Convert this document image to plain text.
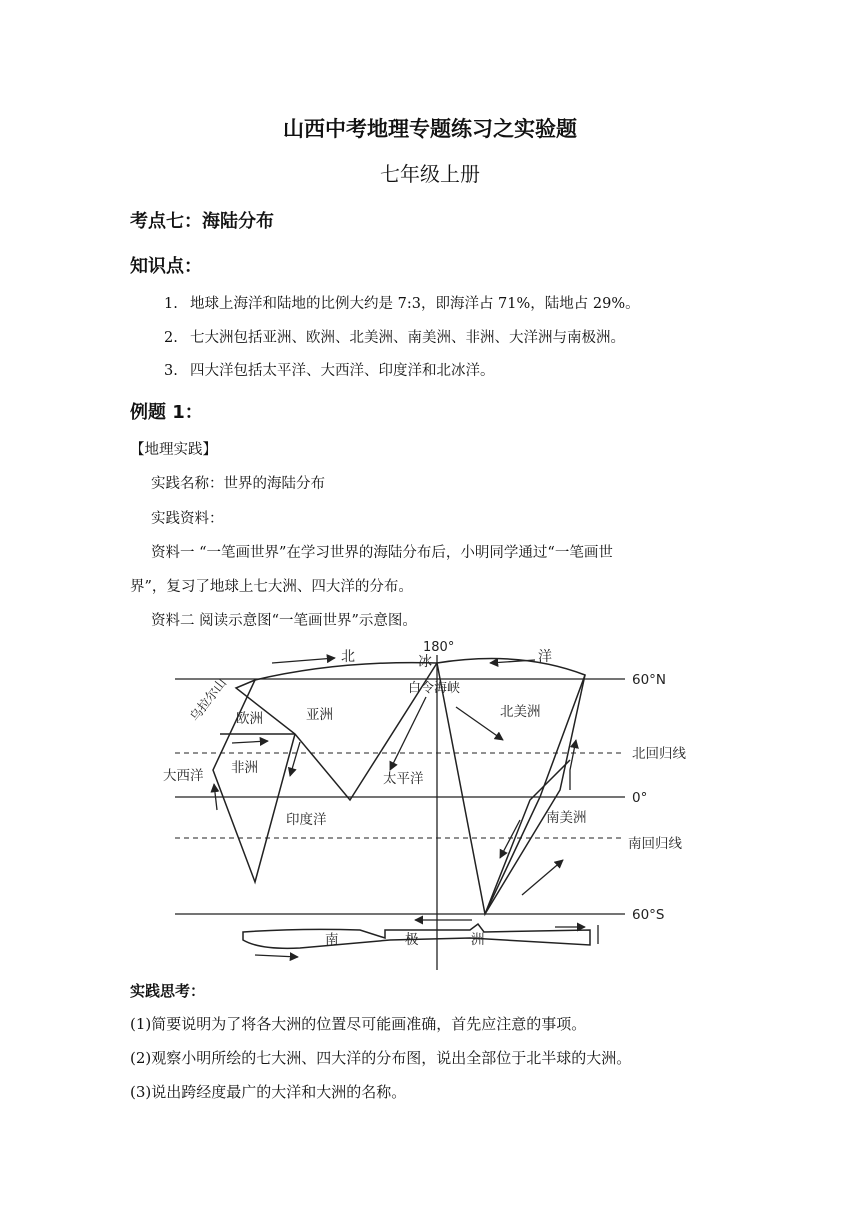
山西中考地理专题练习之实验题
七年级上册
考点七：海陆分布
知识点：
1. 地球上海洋和陆地的比例大约是 7:3，即海洋占 71%，陆地占 29%。
2. 七大洲包括亚洲、欧洲、北美洲、南美洲、非洲、大洋洲与南极洲。
3. 四大洋包括太平洋、大西洋、印度洋和北冰洋。
例题 1：
【地理实践】
实践名称：世界的海陆分布
实践资料：
资料一 “一笔画世界”在学习世界的海陆分布后，小明同学通过“一笔画世
界”，复习了地球上七大洲、四大洋的分布。
资料二 阅读示意图“一笔画世界”示意图。
180°
60°N
北回归线
0°
南回归线
60°S
北	冰	洋
白令海峡
乌拉尔山 欧洲	亚洲	北美洲
非洲
大西洋	太平洋
印度洋	南美洲
南	极	洲
实践思考：
(1)简要说明为了将各大洲的位置尽可能画准确，首先应注意的事项。
(2)观察小明所绘的七大洲、四大洋的分布图，说出全部位于北半球的大洲。
(3)说出跨经度最广的大洋和大洲的名称。
